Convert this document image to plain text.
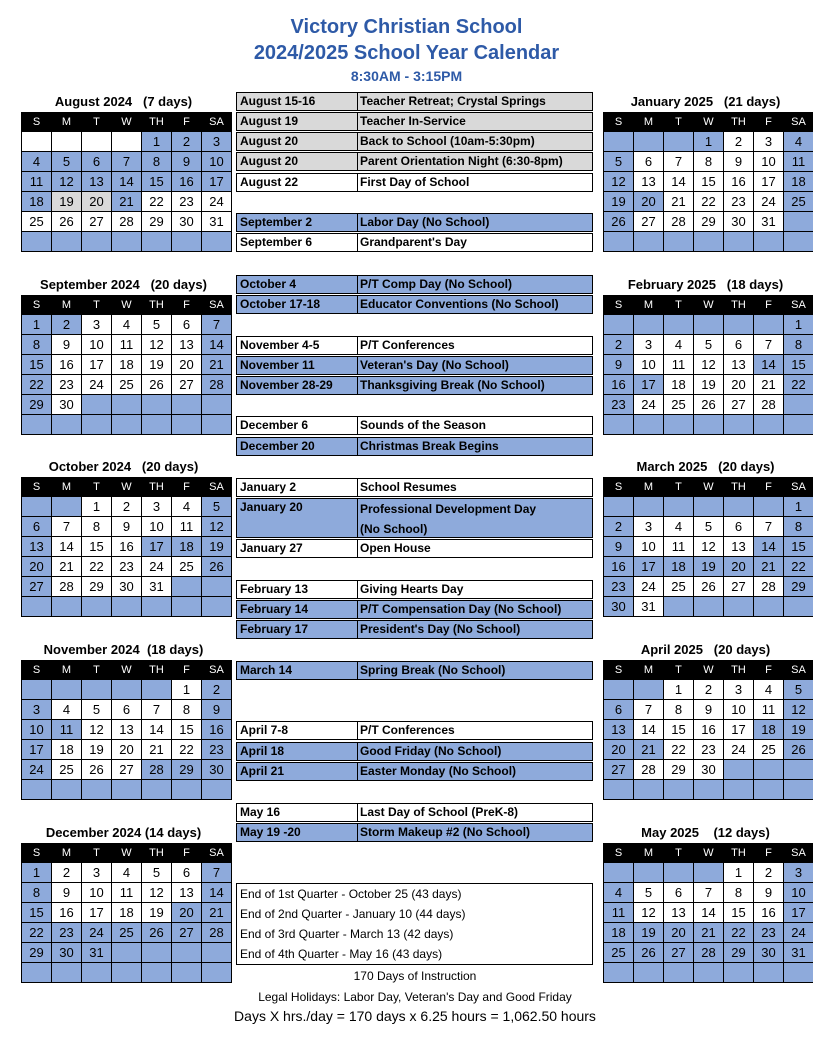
Victory Christian School
2024/2025 School Year Calendar
8:30AM - 3:15PM
August 2024   (7 days)
S	M	T	W	TH	F	SA
				1	2	3
4	5	6	7	8	9	10
11	12	13	14	15	16	17
18	19	20	21	22	23	24
25	26	27	28	29	30	31

September 2024   (20 days)
S	M	T	W	TH	F	SA
1	2	3	4	5	6	7
8	9	10	11	12	13	14
15	16	17	18	19	20	21
22	23	24	25	26	27	28
29	30					

October 2024   (20 days)
S	M	T	W	TH	F	SA
		1	2	3	4	5
6	7	8	9	10	11	12
13	14	15	16	17	18	19
20	21	22	23	24	25	26
27	28	29	30	31		

November 2024  (18 days)
S	M	T	W	TH	F	SA
					1	2
3	4	5	6	7	8	9
10	11	12	13	14	15	16
17	18	19	20	21	22	23
24	25	26	27	28	29	30

December 2024 (14 days)
S	M	T	W	TH	F	SA
1	2	3	4	5	6	7
8	9	10	11	12	13	14
15	16	17	18	19	20	21
22	23	24	25	26	27	28
29	30	31				

January 2025   (21 days)
S	M	T	W	TH	F	SA
			1	2	3	4
5	6	7	8	9	10	11
12	13	14	15	16	17	18
19	20	21	22	23	24	25
26	27	28	29	30	31	

February 2025   (18 days)
S	M	T	W	TH	F	SA
						1
2	3	4	5	6	7	8
9	10	11	12	13	14	15
16	17	18	19	20	21	22
23	24	25	26	27	28	

March 2025   (20 days)
S	M	T	W	TH	F	SA
						1
2	3	4	5	6	7	8
9	10	11	12	13	14	15
16	17	18	19	20	21	22
23	24	25	26	27	28	29
30	31					
April 2025   (20 days)
S	M	T	W	TH	F	SA
		1	2	3	4	5
6	7	8	9	10	11	12
13	14	15	16	17	18	19
20	21	22	23	24	25	26
27	28	29	30			

May 2025    (12 days)
S	M	T	W	TH	F	SA
				1	2	3
4	5	6	7	8	9	10
11	12	13	14	15	16	17
18	19	20	21	22	23	24
25	26	27	28	29	30	31

August 15-16	Teacher Retreat; Crystal Springs
August 19	Teacher In-Service
August 20	Back to School (10am-5:30pm)
August 20	Parent Orientation Night (6:30-8pm)
August 22	First Day of School
September 2	Labor Day (No School)
September 6	Grandparent's Day
October 4	P/T Comp Day (No School)
October 17-18	Educator Conventions (No School)
November 4-5	P/T Conferences
November 11	Veteran's Day (No School)
November 28-29	Thanksgiving Break (No School)
December 6	Sounds of the Season
December 20	Christmas Break Begins
January 2	School Resumes
January 20	Professional Development Day
(No School)
January 27	Open House
February 13	Giving Hearts Day
February 14	P/T Compensation Day (No School)
February 17	President's Day (No School)
March 14	Spring Break (No School)
April 7-8	P/T Conferences
April 18	Good Friday (No School)
April 21	Easter Monday (No School)
May 16	Last Day of School (PreK-8)
May 19 -20	Storm Makeup #2 (No School)
End of 1st Quarter - October 25 (43 days)
End of 2nd Quarter - January 10 (44 days)
End of 3rd Quarter - March 13 (42 days)
End of 4th Quarter - May 16 (43 days)
170 Days of Instruction
Legal Holidays: Labor Day, Veteran's Day and Good Friday
Days X hrs./day = 170 days x 6.25 hours = 1,062.50 hours
